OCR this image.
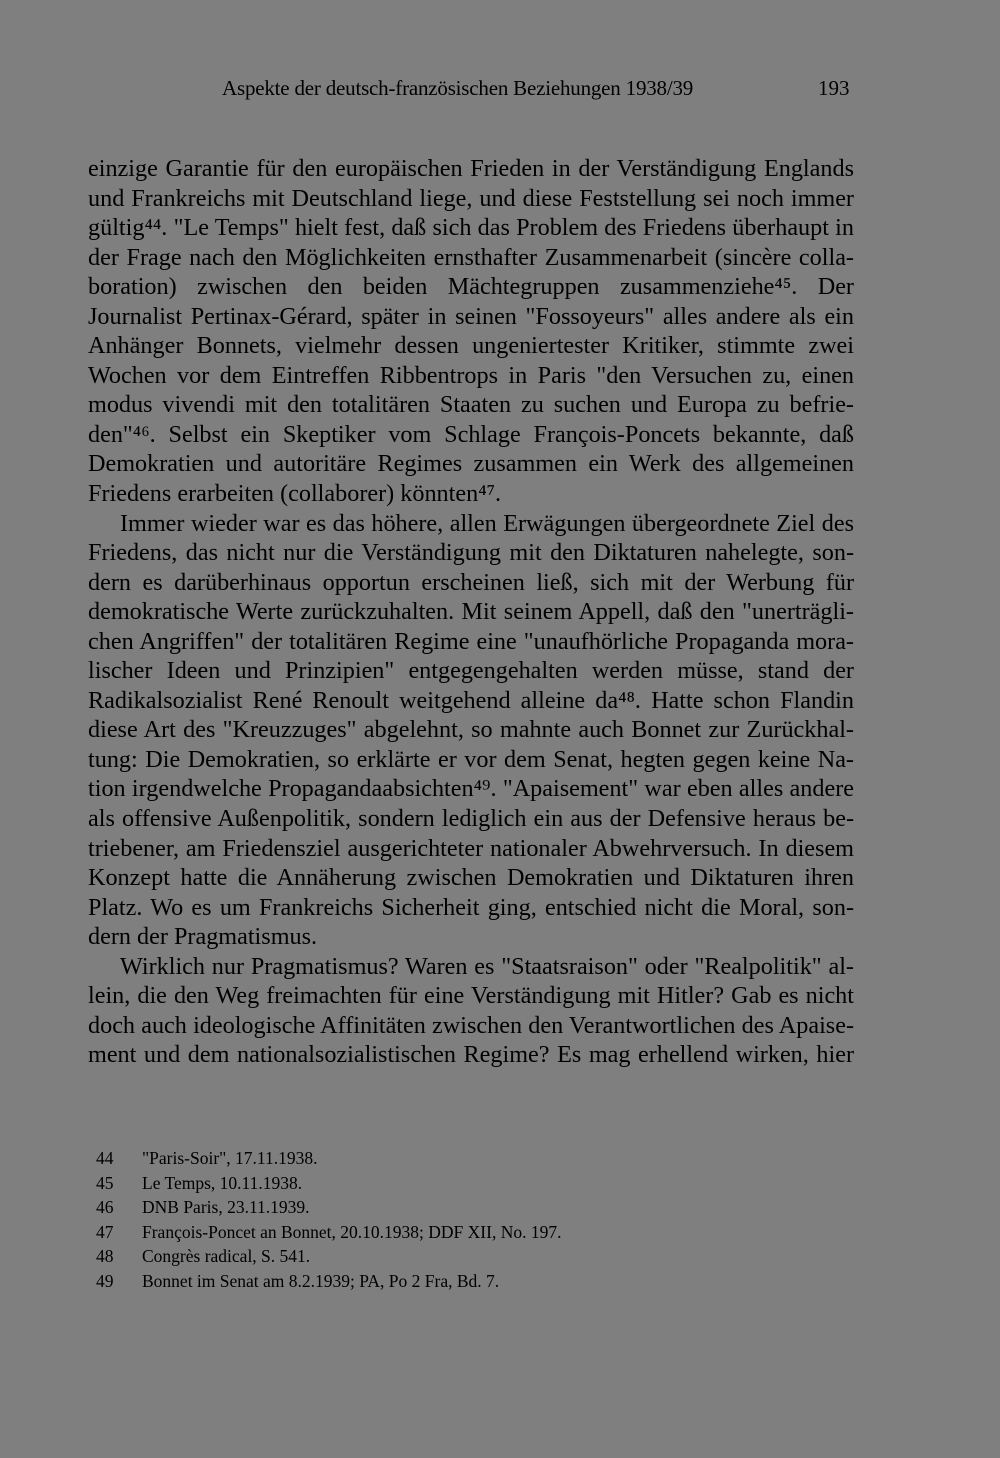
Aspekte der deutsch-französischen Beziehungen 1938/39	193
einzige Garantie für den europäischen Frieden in der Verständigung Englands
und Frankreichs mit Deutschland liege, und diese Feststellung sei noch immer
gültig⁴⁴. "Le Temps" hielt fest, daß sich das Problem des Friedens überhaupt in
der Frage nach den Möglichkeiten ernsthafter Zusammenarbeit (sincère colla-
boration) zwischen den beiden Mächtegruppen zusammenziehe⁴⁵. Der
Journalist Pertinax-Gérard, später in seinen "Fossoyeurs" alles andere als ein
Anhänger Bonnets, vielmehr dessen ungeniertester Kritiker, stimmte zwei
Wochen vor dem Eintreffen Ribbentrops in Paris "den Versuchen zu, einen
modus vivendi mit den totalitären Staaten zu suchen und Europa zu befrie-
den"⁴⁶. Selbst ein Skeptiker vom Schlage François-Poncets bekannte, daß
Demokratien und autoritäre Regimes zusammen ein Werk des allgemeinen
Friedens erarbeiten (collaborer) könnten⁴⁷.
Immer wieder war es das höhere, allen Erwägungen übergeordnete Ziel des
Friedens, das nicht nur die Verständigung mit den Diktaturen nahelegte, son-
dern es darüberhinaus opportun erscheinen ließ, sich mit der Werbung für
demokratische Werte zurückzuhalten. Mit seinem Appell, daß den "unerträgli-
chen Angriffen" der totalitären Regime eine "unaufhörliche Propaganda mora-
lischer Ideen und Prinzipien" entgegengehalten werden müsse, stand der
Radikalsozialist René Renoult weitgehend alleine da⁴⁸. Hatte schon Flandin
diese Art des "Kreuzzuges" abgelehnt, so mahnte auch Bonnet zur Zurückhal-
tung: Die Demokratien, so erklärte er vor dem Senat, hegten gegen keine Na-
tion irgendwelche Propagandaabsichten⁴⁹. "Apaisement" war eben alles andere
als offensive Außenpolitik, sondern lediglich ein aus der Defensive heraus be-
triebener, am Friedensziel ausgerichteter nationaler Abwehrversuch. In diesem
Konzept hatte die Annäherung zwischen Demokratien und Diktaturen ihren
Platz. Wo es um Frankreichs Sicherheit ging, entschied nicht die Moral, son-
dern der Pragmatismus.
Wirklich nur Pragmatismus? Waren es "Staatsraison" oder "Realpolitik" al-
lein, die den Weg freimachten für eine Verständigung mit Hitler? Gab es nicht
doch auch ideologische Affinitäten zwischen den Verantwortlichen des Apaise-
ment und dem nationalsozialistischen Regime? Es mag erhellend wirken, hier
44 "Paris-Soir", 17.11.1938.
45 Le Temps, 10.11.1938.
46 DNB Paris, 23.11.1939.
47 François-Poncet an Bonnet, 20.10.1938; DDF XII, No. 197.
48 Congrès radical, S. 541.
49 Bonnet im Senat am 8.2.1939; PA, Po 2 Fra, Bd. 7.
